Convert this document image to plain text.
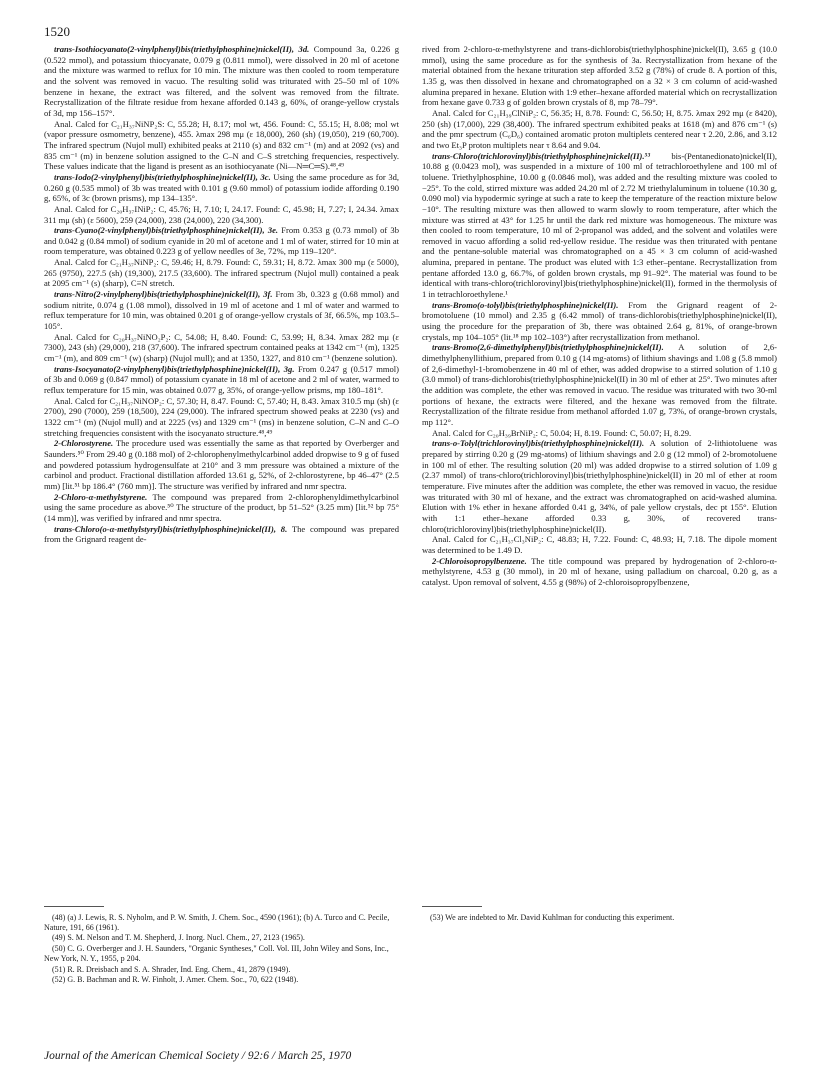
1520

trans-Isothiocyanato(2-vinylphenyl)bis(triethylphosphine)nickel(II), 3d. Compound 3a, 0.226 g (0.522 mmol), and potassium thiocyanate, 0.079 g (0.811 mmol), were dissolved in 20 ml of acetone and the mixture was warmed to reflux for 10 min. The mixture was then cooled to room temperature and the solvent was removed in vacuo. The resulting solid was triturated with 25–50 ml of 10% benzene in hexane, the extract was filtered, and the solvent was removed from the filtrate. Recrystallization of the filtrate residue from hexane afforded 0.143 g, 60%, of orange-yellow crystals of 3d, mp 156–157°.

Anal. Calcd for C₂₁H₃₇NiNP₂S: C, 55.28; H, 8.17; mol wt, 456. Found: C, 55.15; H, 8.08; mol wt (vapor pressure osmometry, benzene), 455. λmax 298 mμ (ε 18,000), 260 (sh) (19,050), 219 (60,700). The infrared spectrum (Nujol mull) exhibited peaks at 2110 (s) and 832 cm⁻¹ (m) and at 2092 (vs) and 835 cm⁻¹ (m) in benzene solution assigned to the C–N and C–S stretching frequencies, respectively. These values indicate that the ligand is present as an isothiocyanate (Ni—N═C═S).⁴⁸,⁴⁹

trans-Iodo(2-vinylphenyl)bis(triethylphosphine)nickel(II), 3c. Using the same procedure as for 3d, 0.260 g (0.535 mmol) of 3b was treated with 0.101 g (9.60 mmol) of potassium iodide affording 0.190 g, 65%, of 3c (brown prisms), mp 134–135°.

Anal. Calcd for C₂₀H₃₇INiP₂: C, 45.76; H, 7.10; I, 24.17. Found: C, 45.98; H, 7.27; I, 24.34. λmax 311 mμ (sh) (ε 5600), 259 (24,000), 238 (24,000), 220 (34,300).

trans-Cyano(2-vinylphenyl)bis(triethylphosphine)nickel(II), 3e. From 0.353 g (0.73 mmol) of 3b and 0.042 g (0.84 mmol) of sodium cyanide in 20 ml of acetone and 1 ml of water, stirred for 10 min at room temperature, was obtained 0.223 g of yellow needles of 3e, 72%, mp 119–120°.

Anal. Calcd for C₂₁H₃₇NiNP₂: C, 59.46; H, 8.79. Found: C, 59.31; H, 8.72. λmax 300 mμ (ε 5000), 265 (9750), 227.5 (sh) (19,300), 217.5 (33,600). The infrared spectrum (Nujol mull) contained a peak at 2095 cm⁻¹ (s) (sharp), C≡N stretch.

trans-Nitro(2-vinylphenyl)bis(triethylphosphine)nickel(II), 3f. From 3b, 0.323 g (0.68 mmol) and sodium nitrite, 0.074 g (1.08 mmol), dissolved in 19 ml of acetone and 1 ml of water and warmed to reflux temperature for 10 min, was obtained 0.201 g of orange-yellow crystals of 3f, 66.5%, mp 103.5–105°.

Anal. Calcd for C₂₀H₃₇NiNO₂P₂: C, 54.08; H, 8.40. Found: C, 53.99; H, 8.34. λmax 282 mμ (ε 7300), 243 (sh) (29,000), 218 (37,600). The infrared spectrum contained peaks at 1342 cm⁻¹ (m), 1325 cm⁻¹ (m), and 809 cm⁻¹ (w) (sharp) (Nujol mull); and at 1350, 1327, and 810 cm⁻¹ (benzene solution).

trans-Isocyanato(2-vinylphenyl)bis(triethylphosphine)nickel(II), 3g. From 0.247 g (0.517 mmol) of 3b and 0.069 g (0.847 mmol) of potassium cyanate in 18 ml of acetone and 2 ml of water, warmed to reflux temperature for 15 min, was obtained 0.077 g, 35%, of orange-yellow prisms, mp 180–181°.

Anal. Calcd for C₂₁H₃₇NiNOP₂: C, 57.30; H, 8.47. Found: C, 57.40; H, 8.43. λmax 310.5 mμ (sh) (ε 2700), 290 (7000), 259 (18,500), 224 (29,000). The infrared spectrum showed peaks at 2230 (vs) and 1322 cm⁻¹ (m) (Nujol mull) and at 2225 (vs) and 1329 cm⁻¹ (ms) in benzene solution, C–N and C–O stretching frequencies consistent with the isocyanato structure.⁴⁸,⁴⁹

2-Chlorostyrene. The procedure used was essentially the same as that reported by Overberger and Saunders.⁵⁰ From 29.40 g (0.188 mol) of 2-chlorophenylmethylcarbinol added dropwise to 9 g of fused and powdered potassium hydrogensulfate at 210° and 3 mm pressure was obtained a mixture of the carbinol and product. Fractional distillation afforded 13.61 g, 52%, of 2-chlorostyrene, bp 46–47° (2.5 mm) [lit.⁵¹ bp 186.4° (760 mm)]. The structure was verified by infrared and nmr spectra.

2-Chloro-α-methylstyrene. The compound was prepared from 2-chlorophenyldimethylcarbinol using the same procedure as above.⁵⁰ The structure of the product, bp 51–52° (3.25 mm) [lit.⁵² bp 75° (14 mm)], was verified by infrared and nmr spectra.

trans-Chloro(o-α-methylstyryl)bis(triethylphosphine)nickel(II), 8. The compound was prepared from the Grignard reagent de-

rived from 2-chloro-α-methylstyrene and trans-dichlorobis(triethylphosphine)nickel(II), 3.65 g (10.0 mmol), using the same procedure as for the synthesis of 3a. Recrystallization from hexane of the material obtained from the hexane trituration step afforded 3.52 g (78%) of crude 8. A portion of this, 1.35 g, was then dissolved in hexane and chromatographed on a 32 × 3 cm column of acid-washed alumina prepared in hexane. Elution with 1:9 ether–hexane afforded material which on recrystallization from hexane gave 0.733 g of golden brown crystals of 8, mp 78–79°.

Anal. Calcd for C₂₁H₃₉ClNiP₂: C, 56.35; H, 8.78. Found: C, 56.50; H, 8.75. λmax 292 mμ (ε 8420), 250 (sh) (17,000), 229 (38,400). The infrared spectrum exhibited peaks at 1618 (m) and 876 cm⁻¹ (s) and the pmr spectrum (C₆D₆) contained aromatic proton multiplets centered near τ 2.20, 2.86, and 3.12 and two Et₃P proton multiplets near τ 8.64 and 9.04.

trans-Chloro(trichlorovinyl)bis(triethylphosphine)nickel(II).⁵³ bis-(Pentanedionato)nickel(II), 10.88 g (0.0423 mol), was suspended in a mixture of 100 ml of tetrachloroethylene and 100 ml of toluene. Triethylphosphine, 10.00 g (0.0846 mol), was added and the resulting mixture was cooled to −25°. To the cold, stirred mixture was added 24.20 ml of 2.72 M triethylaluminum in toluene (10.30 g, 0.090 mol) via hypodermic syringe at such a rate to keep the temperature of the reaction mixture below −10°. The resulting mixture was then allowed to warm slowly to room temperature, after which the mixture was stirred at 43° for 1.25 hr until the dark red mixture was homogeneous. The mixture was then cooled to room temperature, 10 ml of 2-propanol was added, and the solvent and volatiles were removed in vacuo affording a solid red-yellow residue. The residue was then triturated with pentane and the pentane-soluble material was chromatographed on a 45 × 3 cm column of acid-washed alumina, prepared in pentane. The product was eluted with 1:3 ether–pentane. Recrystallization from pentane afforded 13.0 g, 66.7%, of golden brown crystals, mp 91–92°. The material was found to be identical with trans-chloro(trichlorovinyl)bis(triethylphosphine)nickel(II), formed in the thermolysis of 1 in tetrachloroethylene.¹

trans-Bromo(o-tolyl)bis(triethylphosphine)nickel(II). From the Grignard reagent of 2-bromotoluene (10 mmol) and 2.35 g (6.42 mmol) of trans-dichlorobis(triethylphosphine)nickel(II), using the procedure for the preparation of 3b, there was obtained 2.64 g, 81%, of orange-brown crystals, mp 104–105° (lit.¹⁸ mp 102–103°) after recrystallization from methanol.

trans-Bromo(2,6-dimethylphenyl)bis(triethylphosphine)nickel(II). A solution of 2,6-dimethylphenyllithium, prepared from 0.10 g (14 mg-atoms) of lithium shavings and 1.08 g (5.8 mmol) of 2,6-dimethyl-1-bromobenzene in 40 ml of ether, was added dropwise to a stirred solution of 1.10 g (3.0 mmol) of trans-dichlorobis(triethylphosphine)nickel(II) in 30 ml of ether at 25°. Two minutes after the addition was complete, the ether was removed in vacuo. The residue was triturated with two 30-ml portions of hexane, the extracts were filtered, and the hexane was removed from the filtrate. Recrystallization of the filtrate residue from methanol afforded 1.07 g, 73%, of orange-brown crystals, mp 112°.

Anal. Calcd for C₂₀H₃₉BrNiP₂: C, 50.04; H, 8.19. Found: C, 50.07; H, 8.29.

trans-o-Tolyl(trichlorovinyl)bis(triethylphosphine)nickel(II). A solution of 2-lithiotoluene was prepared by stirring 0.20 g (29 mg-atoms) of lithium shavings and 2.0 g (12 mmol) of 2-bromotoluene in 100 ml of ether. The resulting solution (20 ml) was added dropwise to a stirred solution of 1.09 g (2.37 mmol) of trans-chloro(trichlorovinyl)bis(triethylphosphine)nickel(II) in 20 ml of ether at room temperature. Five minutes after the addition was complete, the ether was removed in vacuo, the residue was triturated with 30 ml of hexane, and the extract was chromatographed on acid-washed alumina. Elution with 1% ether in hexane afforded 0.41 g, 34%, of pale yellow crystals, dec pt 155°. Elution with 1:1 ether–hexane afforded 0.33 g, 30%, of recovered trans-chloro(trichlorovinyl)bis(triethylphosphine)nickel(II).

Anal. Calcd for C₂₁H₃₇Cl₃NiP₂: C, 48.83; H, 7.22. Found: C, 48.93; H, 7.18. The dipole moment was determined to be 1.49 D.

2-Chloroisopropylbenzene. The title compound was prepared by hydrogenation of 2-chloro-α-methylstyrene, 4.53 g (30 mmol), in 20 ml of hexane, using palladium on charcoal, 0.20 g, as a catalyst. Upon removal of solvent, 4.55 g (98%) of 2-chloroisopropylbenzene,

(48) (a) J. Lewis, R. S. Nyholm, and P. W. Smith, J. Chem. Soc., 4590 (1961); (b) A. Turco and C. Pecile, Nature, 191, 66 (1961).

(49) S. M. Nelson and T. M. Shepherd, J. Inorg. Nucl. Chem., 27, 2123 (1965).

(50) C. G. Overberger and J. H. Saunders, "Organic Syntheses," Coll. Vol. III, John Wiley and Sons, Inc., New York, N. Y., 1955, p 204.

(51) R. R. Dreisbach and S. A. Shrader, Ind. Eng. Chem., 41, 2879 (1949).

(52) G. B. Bachman and R. W. Finholt, J. Amer. Chem. Soc., 70, 622 (1948).

(53) We are indebted to Mr. David Kuhlman for conducting this experiment.

Journal of the American Chemical Society / 92:6 / March 25, 1970
